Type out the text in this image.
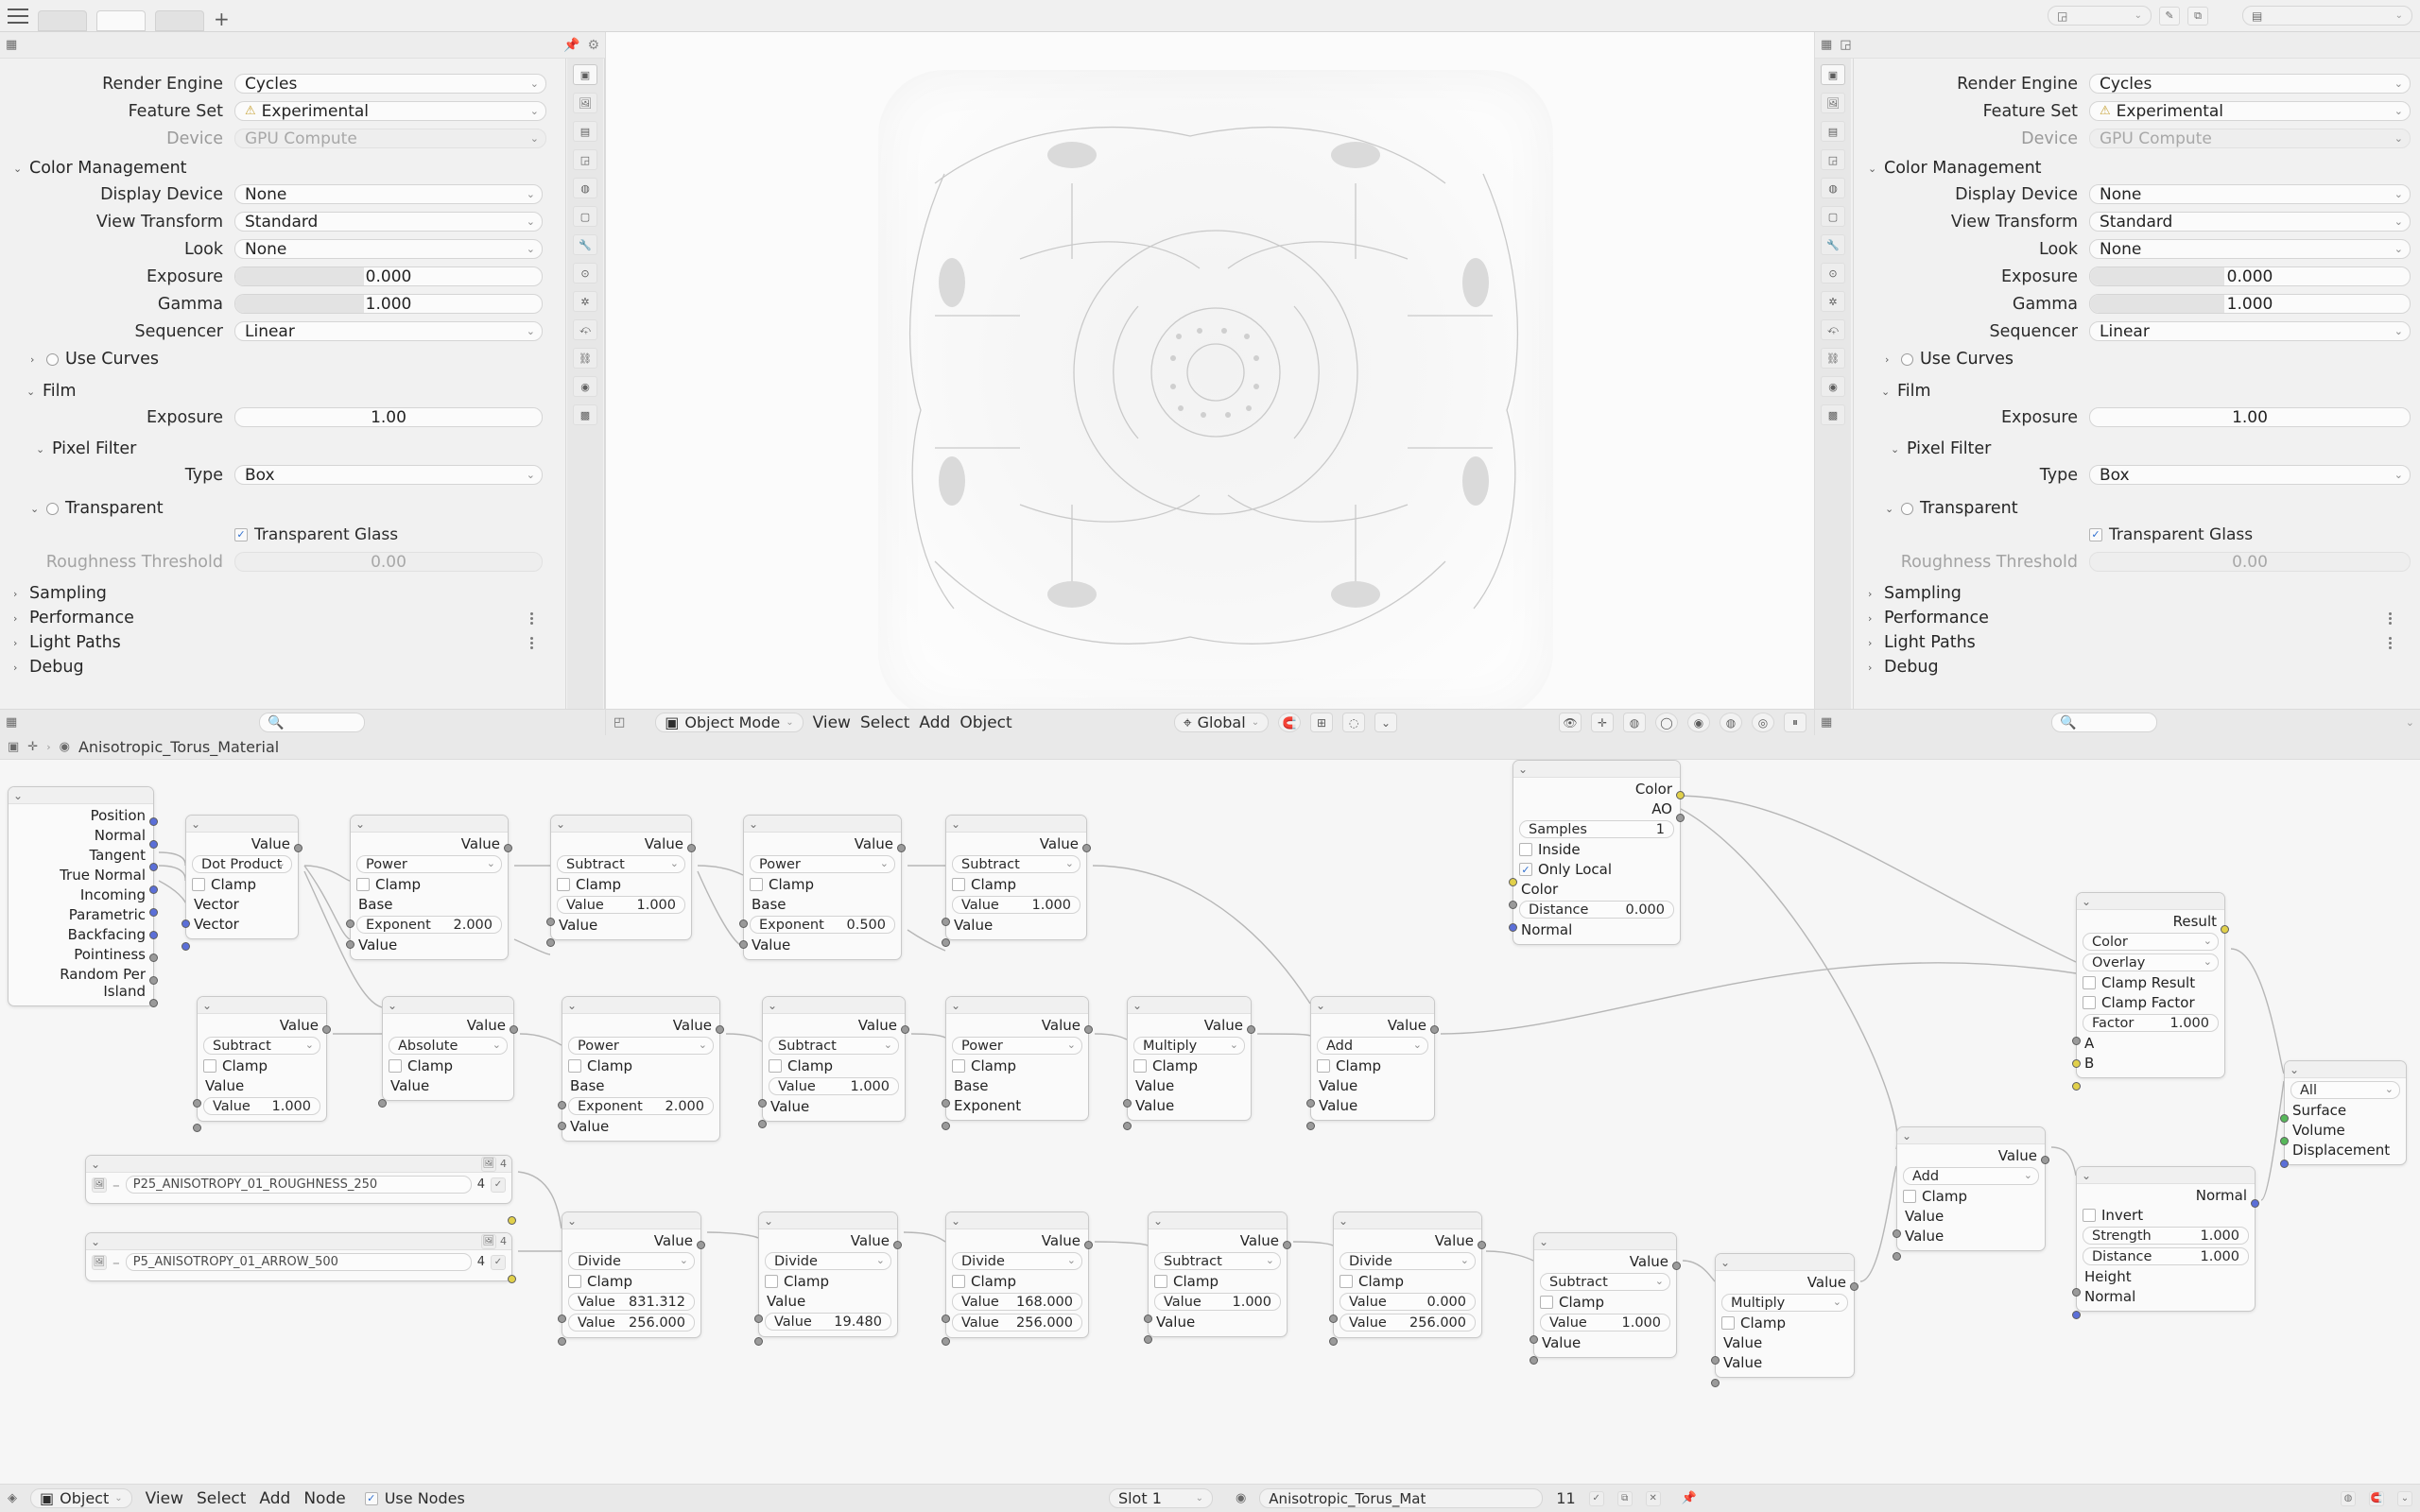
+	◲	⌄	✎	⧉	▤	⌄
▦	📌 ⚙
▣
🖼
▤
◲
◍
▢
🔧
⊙
✲
⤽
⛓
◉
▩
Render Engine	Cycles	⌄
Feature Set	⚠ Experimental	⌄
Device	GPU Compute	⌄
⌄ Color Management
Display Device	None	⌄
View Transform	Standard	⌄
Look	None	⌄
Exposure	0.000
Gamma	1.000
Sequencer	Linear	⌄
›	Use Curves
⌄ Film
Exposure	1.00
⌄ Pixel Filter
Type	Box	⌄
⌄ Transparent
✓ Transparent Glass
Roughness Threshold	0.00
› Sampling
› Performance
› Light Paths
› Debug
▦	🔍	◰	▣ Object Mode ⌄ View Select Add Object	⌖ Global ⌄	🧲	⊞	◌	⌄	👁	✛	◍	◯	◉	◍	◎	⏸
▦ ◲
▣
🖼
▤
◲
◍
▢
🔧
⊙
✲
⤽
⛓
◉
▩
Render Engine	Cycles	⌄
Feature Set	⚠ Experimental	⌄
Device	GPU Compute	⌄
⌄ Color Management
Display Device	None	⌄
View Transform	Standard	⌄
Look	None	⌄
Exposure	0.000
Gamma	1.000
Sequencer	Linear	⌄
›	Use Curves
⌄ Film
Exposure	1.00
⌄ Pixel Filter
Type	Box	⌄
⌄ Transparent
✓ Transparent Glass
Roughness Threshold	0.00
› Sampling
› Performance
› Light Paths
› Debug
▦	🔍	⌄
▣ ✛ › ◉ Anisotropic_Torus_Material
⌄
Position
Normal
Tangent
True Normal
Incoming
Parametric
Backfacing
Pointiness
Random Per Island
⌄
Value
Dot Product
⌄
Clamp
Vector
Vector
⌄
Value
Power
⌄
Clamp
Base
Exponent 2.000
Value
⌄
Value
Subtract
⌄
Clamp
Value 1.000
Value
⌄
Value
Power
⌄
Clamp
Base
Exponent 0.500
Value
⌄
Value
Subtract
⌄
Clamp
Value 1.000
Value
⌄
Color
AO
Samples	1
Inside
✓ Only Local
Color
Distance	0.000
Normal
⌄
Value
Subtract
⌄
Clamp
Value
Value 1.000
⌄
Value
Absolute
⌄
Clamp
Value
⌄
Value
Power
⌄
Clamp
Base
Exponent 2.000
Value
⌄
Value
Subtract
⌄
Clamp
Value	1.000
Value
⌄
Value
Power
⌄
Clamp
Base
Exponent
⌄
Value
Multiply
⌄
Clamp
Value
Value
⌄
Value
Add
⌄
Clamp
Value
Value
⌄
Result
Color
⌄
Overlay
⌄
Clamp Result
Clamp Factor
Factor	1.000
A
B	⌄
All
⌄
Surface
Volume
Displacement
⌄
Normal
Invert
Strength	1.000
Distance	1.000
Height
Normal
⌄	🖼 4
🖼 –	P25_ANISOTROPY_01_ROUGHNESS_250	4 ✓
⌄	🖼 4
🖼 –	P5_ANISOTROPY_01_ARROW_500	4 ✓
⌄
Value
Divide
⌄
Clamp
Value 831.312
Value 256.000
⌄
Value
Divide
⌄
Clamp
Value
Value 19.480
⌄
Value
Divide
⌄
Clamp
Value 168.000
Value 256.000
⌄
Value
Subtract
⌄
Clamp
Value 1.000
Value
⌄
Value
Divide
⌄
Clamp
Value	0.000
Value 256.000
⌄
Value
Add
⌄
Clamp
Value
Value
⌄
Value
Subtract
⌄
Clamp
Value	1.000
Value
⌄
Value
Multiply
⌄
Clamp
Value
Value
◈ ▣ Object ⌄ View Select Add Node ✓ Use Nodes	Slot 1	⌄	◉ Anisotropic_Torus_Mat	11	✓	⧉	✕ 📌	◍	🧲	⌄
